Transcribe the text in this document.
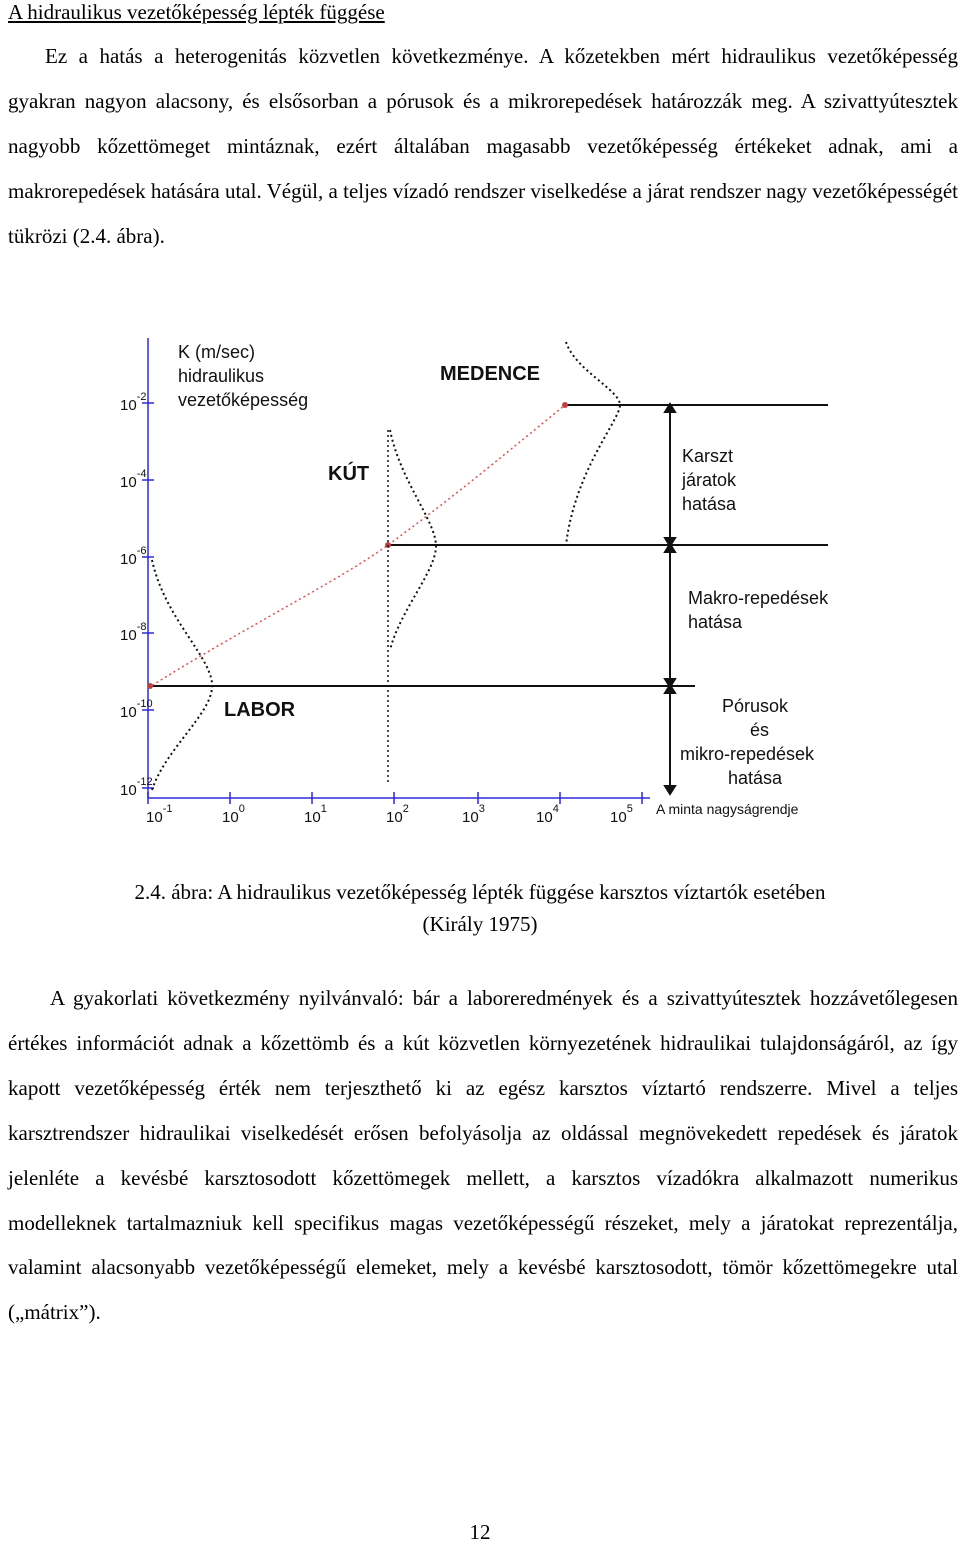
A hidraulikus vezetőképesség lépték függése

Ez a hatás a heterogenitás közvetlen következménye. A kőzetekben mért hidraulikus vezetőképesség gyakran nagyon alacsony, és elsősorban a pórusok és a mikrorepedések határozzák meg. A szivattyútesztek nagyobb kőzettömeget mintáznak, ezért általában magasabb vezetőképesség értékeket adnak, ami a makrorepedések hatására utal. Végül, a teljes vízadó rendszer viselkedése a járat rendszer nagy vezetőképességét tükrözi (2.4. ábra).

$10^{-2}$
$10^{-4}$
$10^{-6}$
$10^{-8}$
$10^{-10}$
$10^{-12}$
$10^{-1}$	$10^0$	$10^1$	$10^2$	$10^3$	$10^4$	$10^5$ A minta nagyságrendje
K (m/sec)
hidraulikus
vezetőképesség
MEDENCE
KÚT
LABOR
Karszt
járatok
hatása
Makro-repedések
hatása
Pórusok
és
mikro-repedések
hatása
2.4. ábra: A hidraulikus vezetőképesség lépték függése karsztos víztartók esetében
(Király 1975)

A gyakorlati következmény nyilvánvaló: bár a laboreredmények és a szivattyútesztek hozzávetőlegesen értékes információt adnak a kőzettömb és a kút közvetlen környezetének hidraulikai tulajdonságáról, az így kapott vezetőképesség érték nem terjeszthető ki az egész karsztos víztartó rendszerre. Mivel a teljes karsztrendszer hidraulikai viselkedését erősen befolyásolja az oldással megnövekedett repedések és járatok jelenléte a kevésbé karsztosodott kőzettömegek mellett, a karsztos vízadókra alkalmazott numerikus modelleknek tartalmazniuk kell specifikus magas vezetőképességű részeket, mely a járatokat reprezentálja, valamint alacsonyabb vezetőképességű elemeket, mely a kevésbé karsztosodott, tömör kőzettömegekre utal („mátrix”).

12
